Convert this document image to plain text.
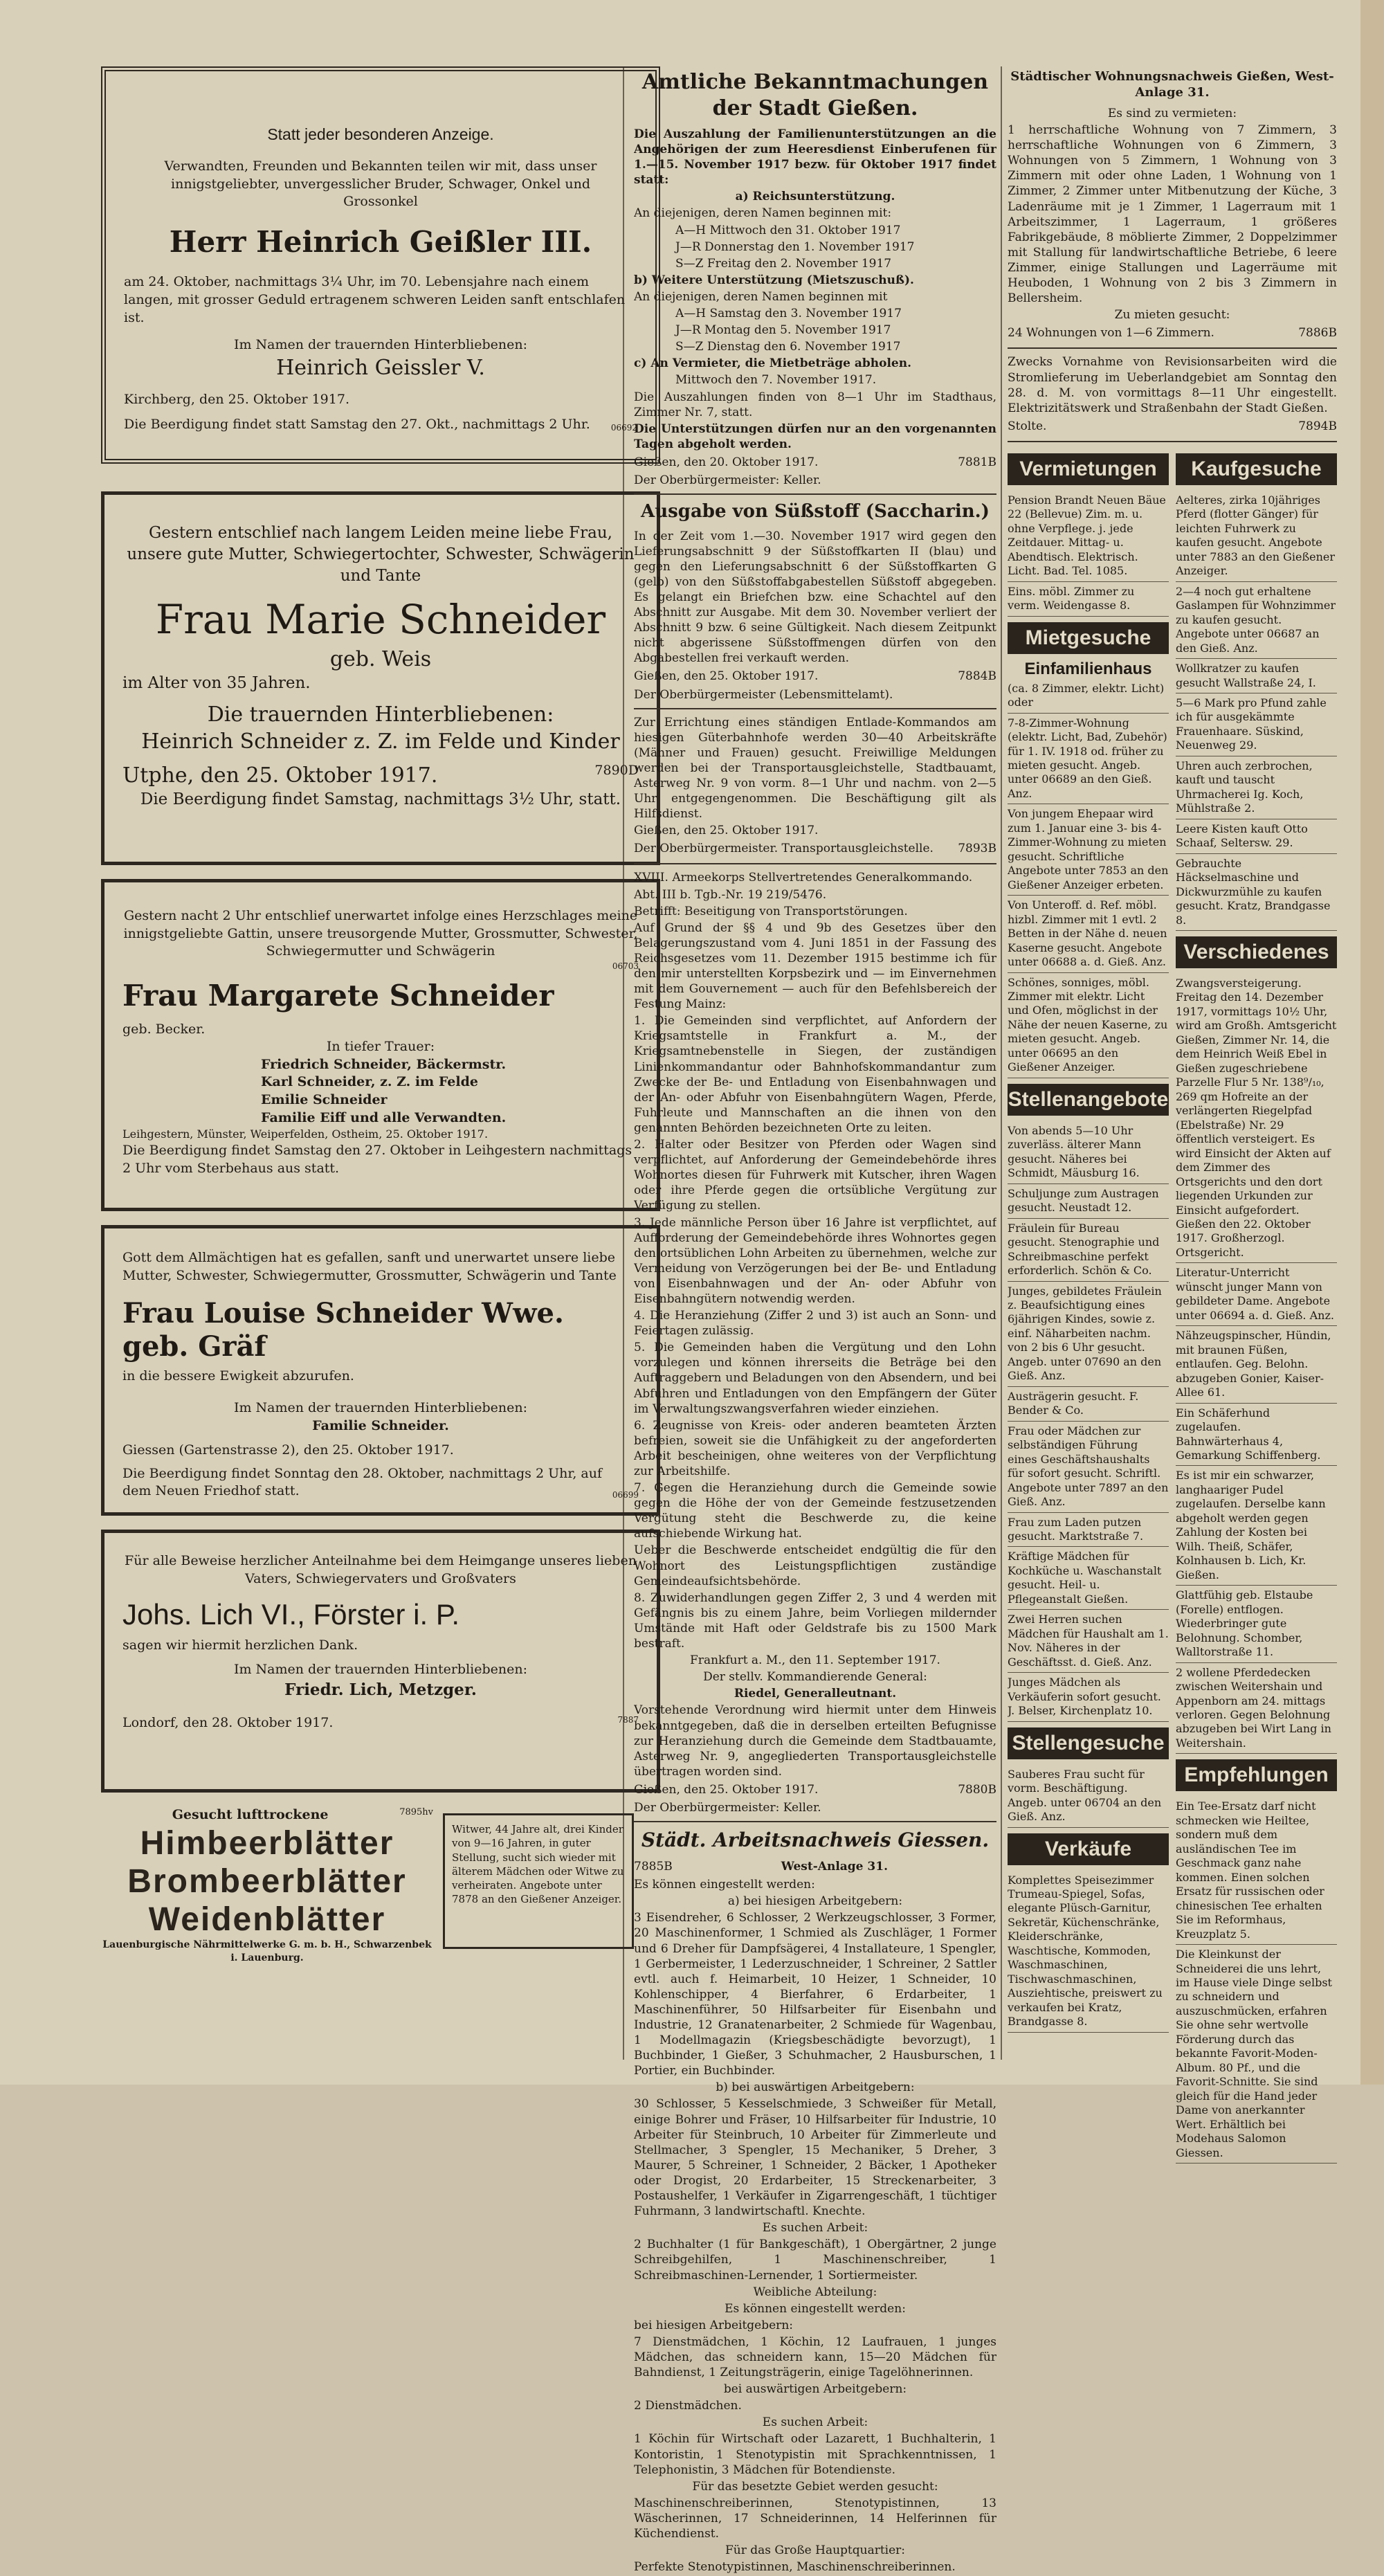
Statt jeder besonderen Anzeige.
Verwandten, Freunden und Bekannten teilen wir mit, dass unser innigstgeliebter, unvergesslicher Bruder, Schwager, Onkel und Grossonkel
Herr Heinrich Geißler III.
am 24. Oktober, nachmittags 3¼ Uhr, im 70. Lebensjahre nach einem langen, mit grosser Geduld ertragenem schweren Leiden sanft entschlafen ist.
Im Namen der trauernden Hinterbliebenen:
Heinrich Geissler V.
Kirchberg, den 25. Oktober 1917.
Die Beerdigung findet statt Samstag den 27. Okt., nachmittags 2 Uhr.	06692
Gestern entschlief nach langem Leiden meine liebe Frau, unsere gute Mutter, Schwiegertochter, Schwester, Schwägerin und Tante
Frau Marie Schneider
geb. Weis
im Alter von 35 Jahren.
Die trauernden Hinterbliebenen:
Heinrich Schneider z. Z. im Felde und Kinder
Utphe, den 25. Oktober 1917.	7890D
Die Beerdigung findet Samstag, nachmittags 3½ Uhr, statt.
Gestern nacht 2 Uhr entschlief unerwartet infolge eines Herzschlages meine innigstgeliebte Gattin, unsere treusorgende Mutter, Grossmutter, Schwester, Schwiegermutter und Schwägerin
06703
Frau Margarete Schneider
geb. Becker.
In tiefer Trauer:
Friedrich Schneider, Bäckermstr.
Karl Schneider, z. Z. im Felde
Emilie Schneider
Familie Eiff und alle Verwandten.
Leihgestern, Münster, Weiperfelden, Ostheim, 25. Oktober 1917.
Die Beerdigung findet Samstag den 27. Oktober in Leihgestern nachmittags 2 Uhr vom Sterbehaus aus statt.
Gott dem Allmächtigen hat es gefallen, sanft und unerwartet unsere liebe Mutter, Schwester, Schwiegermutter, Grossmutter, Schwägerin und Tante
Frau Louise Schneider Wwe. geb. Gräf
in die bessere Ewigkeit abzurufen.
Im Namen der trauernden Hinterbliebenen:
Familie Schneider.
Giessen (Gartenstrasse 2), den 25. Oktober 1917.
Die Beerdigung findet Sonntag den 28. Oktober, nachmittags 2 Uhr, auf dem Neuen Friedhof statt.	06699
Für alle Beweise herzlicher Anteilnahme bei dem Heimgange unseres lieben Vaters, Schwiegervaters und Großvaters
Johs. Lich VI., Förster i. P.
sagen wir hiermit herzlichen Dank.
Im Namen der trauernden Hinterbliebenen:
Friedr. Lich, Metzger.
Londorf, den 28. Oktober 1917.	7887
Gesucht lufttrockene	7895hv
Himbeerblätter
Brombeerblätter
Weidenblätter
Lauenburgische Nährmittelwerke G. m. b. H., Schwarzenbek i. Lauenburg.
Witwer, 44 Jahre alt, drei Kinder von 9—16 Jahren, in guter Stellung, sucht sich wieder mit älterem Mädchen oder Witwe zu verheiraten. Angebote unter 7878 an den Gießener Anzeiger.
Amtliche Bekanntmachungen der Stadt Gießen.
Die Auszahlung der Familienunterstützungen an die Angehörigen der zum Heeresdienst Einberufenen für 1.—15. November 1917 bezw. für Oktober 1917 findet statt:
a) Reichsunterstützung.
An diejenigen, deren Namen beginnen mit:
A—H Mittwoch den 31. Oktober 1917
J—R Donnerstag den 1. November 1917
S—Z Freitag den 2. November 1917
b) Weitere Unterstützung (Mietszuschuß).
An diejenigen, deren Namen beginnen mit
A—H Samstag den 3. November 1917
J—R Montag den 5. November 1917
S—Z Dienstag den 6. November 1917
c) An Vermieter, die Mietbeträge abholen.
Mittwoch den 7. November 1917.
Die Auszahlungen finden von 8—1 Uhr im Stadthaus, Zimmer Nr. 7, statt.
Die Unterstützungen dürfen nur an den vorgenannten Tagen abgeholt werden.
Gießen, den 20. Oktober 1917.	7881B
Der Oberbürgermeister: Keller.
Ausgabe von Süßstoff (Saccharin.)
In der Zeit vom 1.—30. November 1917 wird gegen den Lieferungsabschnitt 9 der Süßstoffkarten II (blau) und gegen den Lieferungsabschnitt 6 der Süßstoffkarten G (gelb) von den Süßstoffabgabestellen Süßstoff abgegeben. Es gelangt ein Briefchen bzw. eine Schachtel auf den Abschnitt zur Ausgabe. Mit dem 30. November verliert der Abschnitt 9 bzw. 6 seine Gültigkeit. Nach diesem Zeitpunkt nicht abgerissene Süßstoffmengen dürfen von den Abgabestellen frei verkauft werden.
Gießen, den 25. Oktober 1917.	7884B
Der Oberbürgermeister (Lebensmittelamt).
Zur Errichtung eines ständigen Entlade-Kommandos am hiesigen Güterbahnhofe werden 30—40 Arbeitskräfte (Männer und Frauen) gesucht. Freiwillige Meldungen werden bei der Transportausgleichstelle, Stadtbauamt, Asterweg Nr. 9 von vorm. 8—1 Uhr und nachm. von 2—5 Uhr entgegengenommen. Die Beschäftigung gilt als Hilfsdienst.
Gießen, den 25. Oktober 1917.
Der Oberbürgermeister. Transportausgleichstelle.	7893B
XVIII. Armeekorps Stellvertretendes Generalkommando.
Abt. III b. Tgb.-Nr. 19 219/5476.
Betrifft: Beseitigung von Transportstörungen.
Auf Grund der §§ 4 und 9b des Gesetzes über den Belagerungszustand vom 4. Juni 1851 in der Fassung des Reichsgesetzes vom 11. Dezember 1915 bestimme ich für den mir unterstellten Korpsbezirk und — im Einvernehmen mit dem Gouvernement — auch für den Befehlsbereich der Festung Mainz:
1. Die Gemeinden sind verpflichtet, auf Anfordern der Kriegsamtstelle in Frankfurt a. M., der Kriegsamtnebenstelle in Siegen, der zuständigen Linienkommandantur oder Bahnhofskommandantur zum Zwecke der Be- und Entladung von Eisenbahnwagen und der An- oder Abfuhr von Eisenbahngütern Wagen, Pferde, Fuhrleute und Mannschaften an die ihnen von den genannten Behörden bezeichneten Orte zu leiten.
2. Halter oder Besitzer von Pferden oder Wagen sind verpflichtet, auf Anforderung der Gemeindebehörde ihres Wohnortes diesen für Fuhrwerk mit Kutscher, ihren Wagen oder ihre Pferde gegen die ortsübliche Vergütung zur Verfügung zu stellen.
3. Jede männliche Person über 16 Jahre ist verpflichtet, auf Aufforderung der Gemeindebehörde ihres Wohnortes gegen den ortsüblichen Lohn Arbeiten zu übernehmen, welche zur Vermeidung von Verzögerungen bei der Be- und Entladung von Eisenbahnwagen und der An- oder Abfuhr von Eisenbahngütern notwendig werden.
4. Die Heranziehung (Ziffer 2 und 3) ist auch an Sonn- und Feiertagen zulässig.
5. Die Gemeinden haben die Vergütung und den Lohn vorzulegen und können ihrerseits die Beträge bei den Auftraggebern und Beladungen von den Absendern, und bei Abfuhren und Entladungen von den Empfängern der Güter im Verwaltungszwangsverfahren wieder einziehen.
6. Zeugnisse von Kreis- oder anderen beamteten Ärzten befreien, soweit sie die Unfähigkeit zu der angeforderten Arbeit bescheinigen, ohne weiteres von der Verpflichtung zur Arbeitshilfe.
7. Gegen die Heranziehung durch die Gemeinde sowie gegen die Höhe der von der Gemeinde festzusetzenden Vergütung steht die Beschwerde zu, die keine aufschiebende Wirkung hat.
Ueber die Beschwerde entscheidet endgültig die für den Wohnort des Leistungspflichtigen zuständige Gemeindeaufsichtsbehörde.
8. Zuwiderhandlungen gegen Ziffer 2, 3 und 4 werden mit Gefängnis bis zu einem Jahre, beim Vorliegen mildernder Umstände mit Haft oder Geldstrafe bis zu 1500 Mark bestraft.
Frankfurt a. M., den 11. September 1917.
Der stellv. Kommandierende General:
Riedel, Generalleutnant.
Vorstehende Verordnung wird hiermit unter dem Hinweis bekanntgegeben, daß die in derselben erteilten Befugnisse zur Heranziehung durch die Gemeinde dem Stadtbauamte, Asterweg Nr. 9, angegliederten Transportausgleichstelle übertragen worden sind.
Gießen, den 25. Oktober 1917.	7880B
Der Oberbürgermeister: Keller.
Städt. Arbeitsnachweis Giessen.
7885B	West-Anlage 31.
Es können eingestellt werden:
a) bei hiesigen Arbeitgebern:
3 Eisendreher, 6 Schlosser, 2 Werkzeugschlosser, 3 Former, 20 Maschinenformer, 1 Schmied als Zuschläger, 1 Former und 6 Dreher für Dampfsägerei, 4 Installateure, 1 Spengler, 1 Gerbermeister, 1 Lederzuschneider, 1 Schreiner, 2 Sattler evtl. auch f. Heimarbeit, 10 Heizer, 1 Schneider, 10 Kohlenschipper, 4 Bierfahrer, 6 Erdarbeiter, 1 Maschinenführer, 50 Hilfsarbeiter für Eisenbahn und Industrie, 12 Granatenarbeiter, 2 Schmiede für Wagenbau, 1 Modellmagazin (Kriegsbeschädigte bevorzugt), 1 Buchbinder, 1 Gießer, 3 Schuhmacher, 2 Hausburschen, 1 Portier, ein Buchbinder.
b) bei auswärtigen Arbeitgebern:
30 Schlosser, 5 Kesselschmiede, 3 Schweißer für Metall, einige Bohrer und Fräser, 10 Hilfsarbeiter für Industrie, 10 Arbeiter für Steinbruch, 10 Arbeiter für Zimmerleute und Stellmacher, 3 Spengler, 15 Mechaniker, 5 Dreher, 3 Maurer, 5 Schreiner, 1 Schneider, 2 Bäcker, 1 Apotheker oder Drogist, 20 Erdarbeiter, 15 Streckenarbeiter, 3 Postaushelfer, 1 Verkäufer in Zigarrengeschäft, 1 tüchtiger Fuhrmann, 3 landwirtschaftl. Knechte.
Es suchen Arbeit:
2 Buchhalter (1 für Bankgeschäft), 1 Obergärtner, 2 junge Schreibgehilfen, 1 Maschinenschreiber, 1 Schreibmaschinen-Lernender, 1 Sortiermeister.
Weibliche Abteilung:
Es können eingestellt werden:
bei hiesigen Arbeitgebern:
7 Dienstmädchen, 1 Köchin, 12 Laufrauen, 1 junges Mädchen, das schneidern kann, 15—20 Mädchen für Bahndienst, 1 Zeitungsträgerin, einige Tagelöhnerinnen.
bei auswärtigen Arbeitgebern:
2 Dienstmädchen.
Es suchen Arbeit:
1 Köchin für Wirtschaft oder Lazarett, 1 Buchhalterin, 1 Kontoristin, 1 Stenotypistin mit Sprachkenntnissen, 1 Telephonistin, 3 Mädchen für Botendienste.
Für das besetzte Gebiet werden gesucht:
Maschinenschreiberinnen, Stenotypistinnen, 13 Wäscherinnen, 17 Schneiderinnen, 14 Helferinnen für Küchendienst.
Für das Große Hauptquartier:
Perfekte Stenotypistinnen, Maschinenschreiberinnen.
Städtischer Wohnungsnachweis Gießen, West-Anlage 31.
Es sind zu vermieten:
1 herrschaftliche Wohnung von 7 Zimmern, 3 herrschaftliche Wohnungen von 6 Zimmern, 3 Wohnungen von 5 Zimmern, 1 Wohnung von 3 Zimmern mit oder ohne Laden, 1 Wohnung von 1 Zimmer, 2 Zimmer unter Mitbenutzung der Küche, 3 Ladenräume mit je 1 Zimmer, 1 Lagerraum mit 1 Arbeitszimmer, 1 Lagerraum, 1 größeres Fabrikgebäude, 8 möblierte Zimmer, 2 Doppelzimmer mit Stallung für landwirtschaftliche Betriebe, 6 leere Zimmer, einige Stallungen und Lagerräume mit Heuboden, 1 Wohnung von 2 bis 3 Zimmern in Bellersheim.
Zu mieten gesucht:
24 Wohnungen von 1—6 Zimmern.	7886B
Zwecks Vornahme von Revisionsarbeiten wird die Stromlieferung im Ueberlandgebiet am Sonntag den 28. d. M. von vormittags 8—11 Uhr eingestellt. Elektrizitätswerk und Straßenbahn der Stadt Gießen.
Stolte.	7894B
Vermietungen
Pension Brandt Neuen Bäue 22 (Bellevue) Zim. m. u. ohne Verpflege. j. jede Zeitdauer. Mittag- u. Abendtisch. Elektrisch. Licht. Bad. Tel. 1085.
Eins. möbl. Zimmer zu verm. Weidengasse 8.
Mietgesuche
Einfamilienhaus
(ca. 8 Zimmer, elektr. Licht) oder
7-8-Zimmer-Wohnung (elektr. Licht, Bad, Zubehör) für 1. IV. 1918 od. früher zu mieten gesucht. Angeb. unter 06689 an den Gieß. Anz.
Von jungem Ehepaar wird zum 1. Januar eine 3- bis 4-Zimmer-Wohnung zu mieten gesucht. Schriftliche Angebote unter 7853 an den Gießener Anzeiger erbeten.
Von Unteroff. d. Ref. möbl. hizbl. Zimmer mit 1 evtl. 2 Betten in der Nähe d. neuen Kaserne gesucht. Angebote unter 06688 a. d. Gieß. Anz.
Schönes, sonniges, möbl. Zimmer mit elektr. Licht und Ofen, möglichst in der Nähe der neuen Kaserne, zu mieten gesucht. Angeb. unter 06695 an den Gießener Anzeiger.
Stellenangebote
Von abends 5—10 Uhr zuverläss. älterer Mann gesucht. Näheres bei Schmidt, Mäusburg 16.
Schuljunge zum Austragen gesucht. Neustadt 12.
Fräulein für Bureau gesucht. Stenographie und Schreibmaschine perfekt erforderlich. Schön & Co.
Junges, gebildetes Fräulein z. Beaufsichtigung eines 6jährigen Kindes, sowie z. einf. Näharbeiten nachm. von 2 bis 6 Uhr gesucht. Angeb. unter 07690 an den Gieß. Anz.
Austrägerin gesucht. F. Bender & Co.
Frau oder Mädchen zur selbständigen Führung eines Geschäftshaushalts für sofort gesucht. Schriftl. Angebote unter 7897 an den Gieß. Anz.
Frau zum Laden putzen gesucht. Marktstraße 7.
Kräftige Mädchen für Kochküche u. Waschanstalt gesucht. Heil- u. Pflegeanstalt Gießen.
Zwei Herren suchen Mädchen für Haushalt am 1. Nov. Näheres in der Geschäftsst. d. Gieß. Anz.
Junges Mädchen als Verkäuferin sofort gesucht. J. Belser, Kirchenplatz 10.
Stellengesuche
Sauberes Frau sucht für vorm. Beschäftigung. Angeb. unter 06704 an den Gieß. Anz.
Verkäufe
Komplettes Speisezimmer Trumeau-Spiegel, Sofas, elegante Plüsch-Garnitur, Sekretär, Küchenschränke, Kleiderschränke, Waschtische, Kommoden, Waschmaschinen, Tischwaschmaschinen, Ausziehtische, preiswert zu verkaufen bei Kratz, Brandgasse 8.
Kaufgesuche
Aelteres, zirka 10jähriges Pferd (flotter Gänger) für leichten Fuhrwerk zu kaufen gesucht. Angebote unter 7883 an den Gießener Anzeiger.
2—4 noch gut erhaltene Gaslampen für Wohnzimmer zu kaufen gesucht. Angebote unter 06687 an den Gieß. Anz.
Wollkratzer zu kaufen gesucht Wallstraße 24, I.
5—6 Mark pro Pfund zahle ich für ausgekämmte Frauenhaare. Süskind, Neuenweg 29.
Uhren auch zerbrochen, kauft und tauscht Uhrmacherei Ig. Koch, Mühlstraße 2.
Leere Kisten kauft Otto Schaaf, Seltersw. 29.
Gebrauchte Häckselmaschine und Dickwurzmühle zu kaufen gesucht. Kratz, Brandgasse 8.
Verschiedenes
Zwangsversteigerung. Freitag den 14. Dezember 1917, vormittags 10½ Uhr, wird am Großh. Amtsgericht Gießen, Zimmer Nr. 14, die dem Heinrich Weiß Ebel in Gießen zugeschriebene Parzelle Flur 5 Nr. 138⁹/₁₀, 269 qm Hofreite an der verlängerten Riegelpfad (Ebelstraße) Nr. 29 öffentlich versteigert. Es wird Einsicht der Akten auf dem Zimmer des Ortsgerichts und den dort liegenden Urkunden zur Einsicht aufgefordert. Gießen den 22. Oktober 1917. Großherzogl. Ortsgericht.
Literatur-Unterricht wünscht junger Mann von gebildeter Dame. Angebote unter 06694 a. d. Gieß. Anz.
Nähzeugspinscher, Hündin, mit braunen Füßen, entlaufen. Geg. Belohn. abzugeben Gonier, Kaiser-Allee 61.
Ein Schäferhund zugelaufen. Bahnwärterhaus 4, Gemarkung Schiffenberg.
Es ist mir ein schwarzer, langhaariger Pudel zugelaufen. Derselbe kann abgeholt werden gegen Zahlung der Kosten bei Wilh. Theiß, Schäfer, Kolnhausen b. Lich, Kr. Gießen.
Glattfühig geb. Elstaube (Forelle) entflogen. Wiederbringer gute Belohnung. Schomber, Walltorstraße 11.
2 wollene Pferdedecken zwischen Weitershain und Appenborn am 24. mittags verloren. Gegen Belohnung abzugeben bei Wirt Lang in Weitershain.
Empfehlungen
Ein Tee-Ersatz darf nicht schmecken wie Heiltee, sondern muß dem ausländischen Tee im Geschmack ganz nahe kommen. Einen solchen Ersatz für russischen oder chinesischen Tee erhalten Sie im Reformhaus, Kreuzplatz 5.
Die Kleinkunst der Schneiderei die uns lehrt, im Hause viele Dinge selbst zu schneidern und auszuschmücken, erfahren Sie ohne sehr wertvolle Förderung durch das bekannte Favorit-Moden-Album. 80 Pf., und die Favorit-Schnitte. Sie sind gleich für die Hand jeder Dame von anerkannter Wert. Erhältlich bei Modehaus Salomon Giessen.
